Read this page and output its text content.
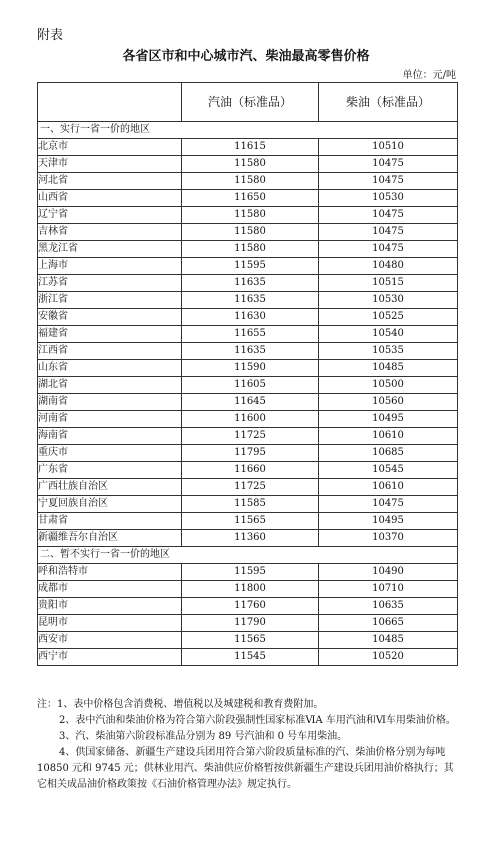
附表
各省区市和中心城市汽、柴油最高零售价格
单位：元/吨
	汽油（标准品）	柴油（标准品）
一、实行一省一价的地区		
北京市	11615	10510
天津市	11580	10475
河北省	11580	10475
山西省	11650	10530
辽宁省	11580	10475
吉林省	11580	10475
黑龙江省	11580	10475
上海市	11595	10480
江苏省	11635	10515
浙江省	11635	10530
安徽省	11630	10525
福建省	11655	10540
江西省	11635	10535
山东省	11590	10485
湖北省	11605	10500
湖南省	11645	10560
河南省	11600	10495
海南省	11725	10610
重庆市	11795	10685
广东省	11660	10545
广西壮族自治区	11725	10610
宁夏回族自治区	11585	10475
甘肃省	11565	10495
新疆维吾尔自治区	11360	10370
二、暂不实行一省一价的地区		
呼和浩特市	11595	10490
成都市	11800	10710
贵阳市	11760	10635
昆明市	11790	10665
西安市	11565	10485
西宁市	11545	10520

注：1、表中价格包含消费税、增值税以及城建税和教育费附加。

2、表中汽油和柴油价格为符合第六阶段强制性国家标准ⅥA 车用汽油和Ⅵ车用柴油价格。

3、汽、柴油第六阶段标准品分别为 89 号汽油和 0 号车用柴油。

4、供国家储备、新疆生产建设兵团用符合第六阶段质量标准的汽、柴油价格分别为每吨 10850 元和 9745 元；供林业用汽、柴油供应价格暂按供新疆生产建设兵团用油价格执行；其它相关成品油价格政策按《石油价格管理办法》规定执行。
